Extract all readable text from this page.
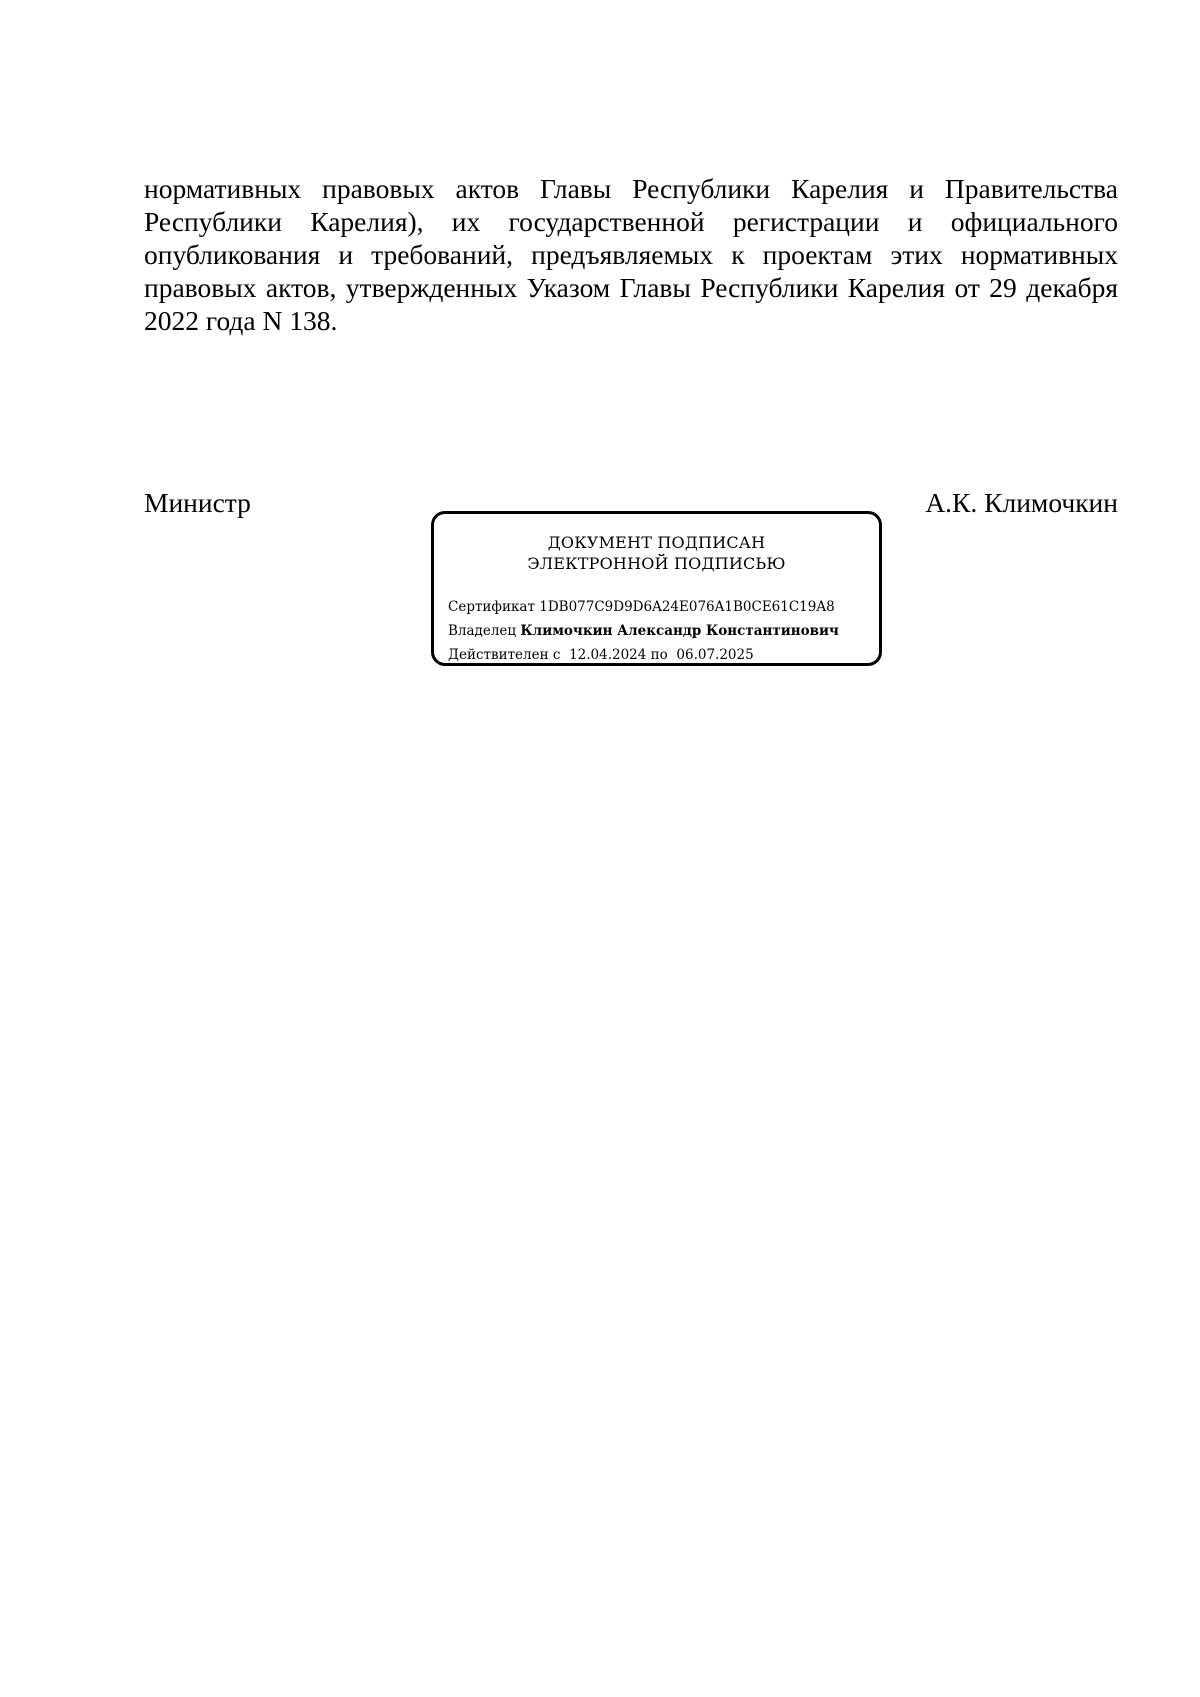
нормативных правовых актов Главы Республики Карелия и Правительства
Республики Карелия), их государственной регистрации и официального
опубликования и требований, предъявляемых к проектам этих нормативных
правовых актов, утвержденных Указом Главы Республики Карелия от 29 декабря
2022 года N 138.
Министр	А.К. Климочкин
ДОКУМЕНТ ПОДПИСАН
ЭЛЕКТРОННОЙ ПОДПИСЬЮ
Сертификат 1DB077C9D9D6A24E076A1B0CE61C19A8
Владелец Климочкин Александр Константинович
Действителен с 12.04.2024 по 06.07.2025
